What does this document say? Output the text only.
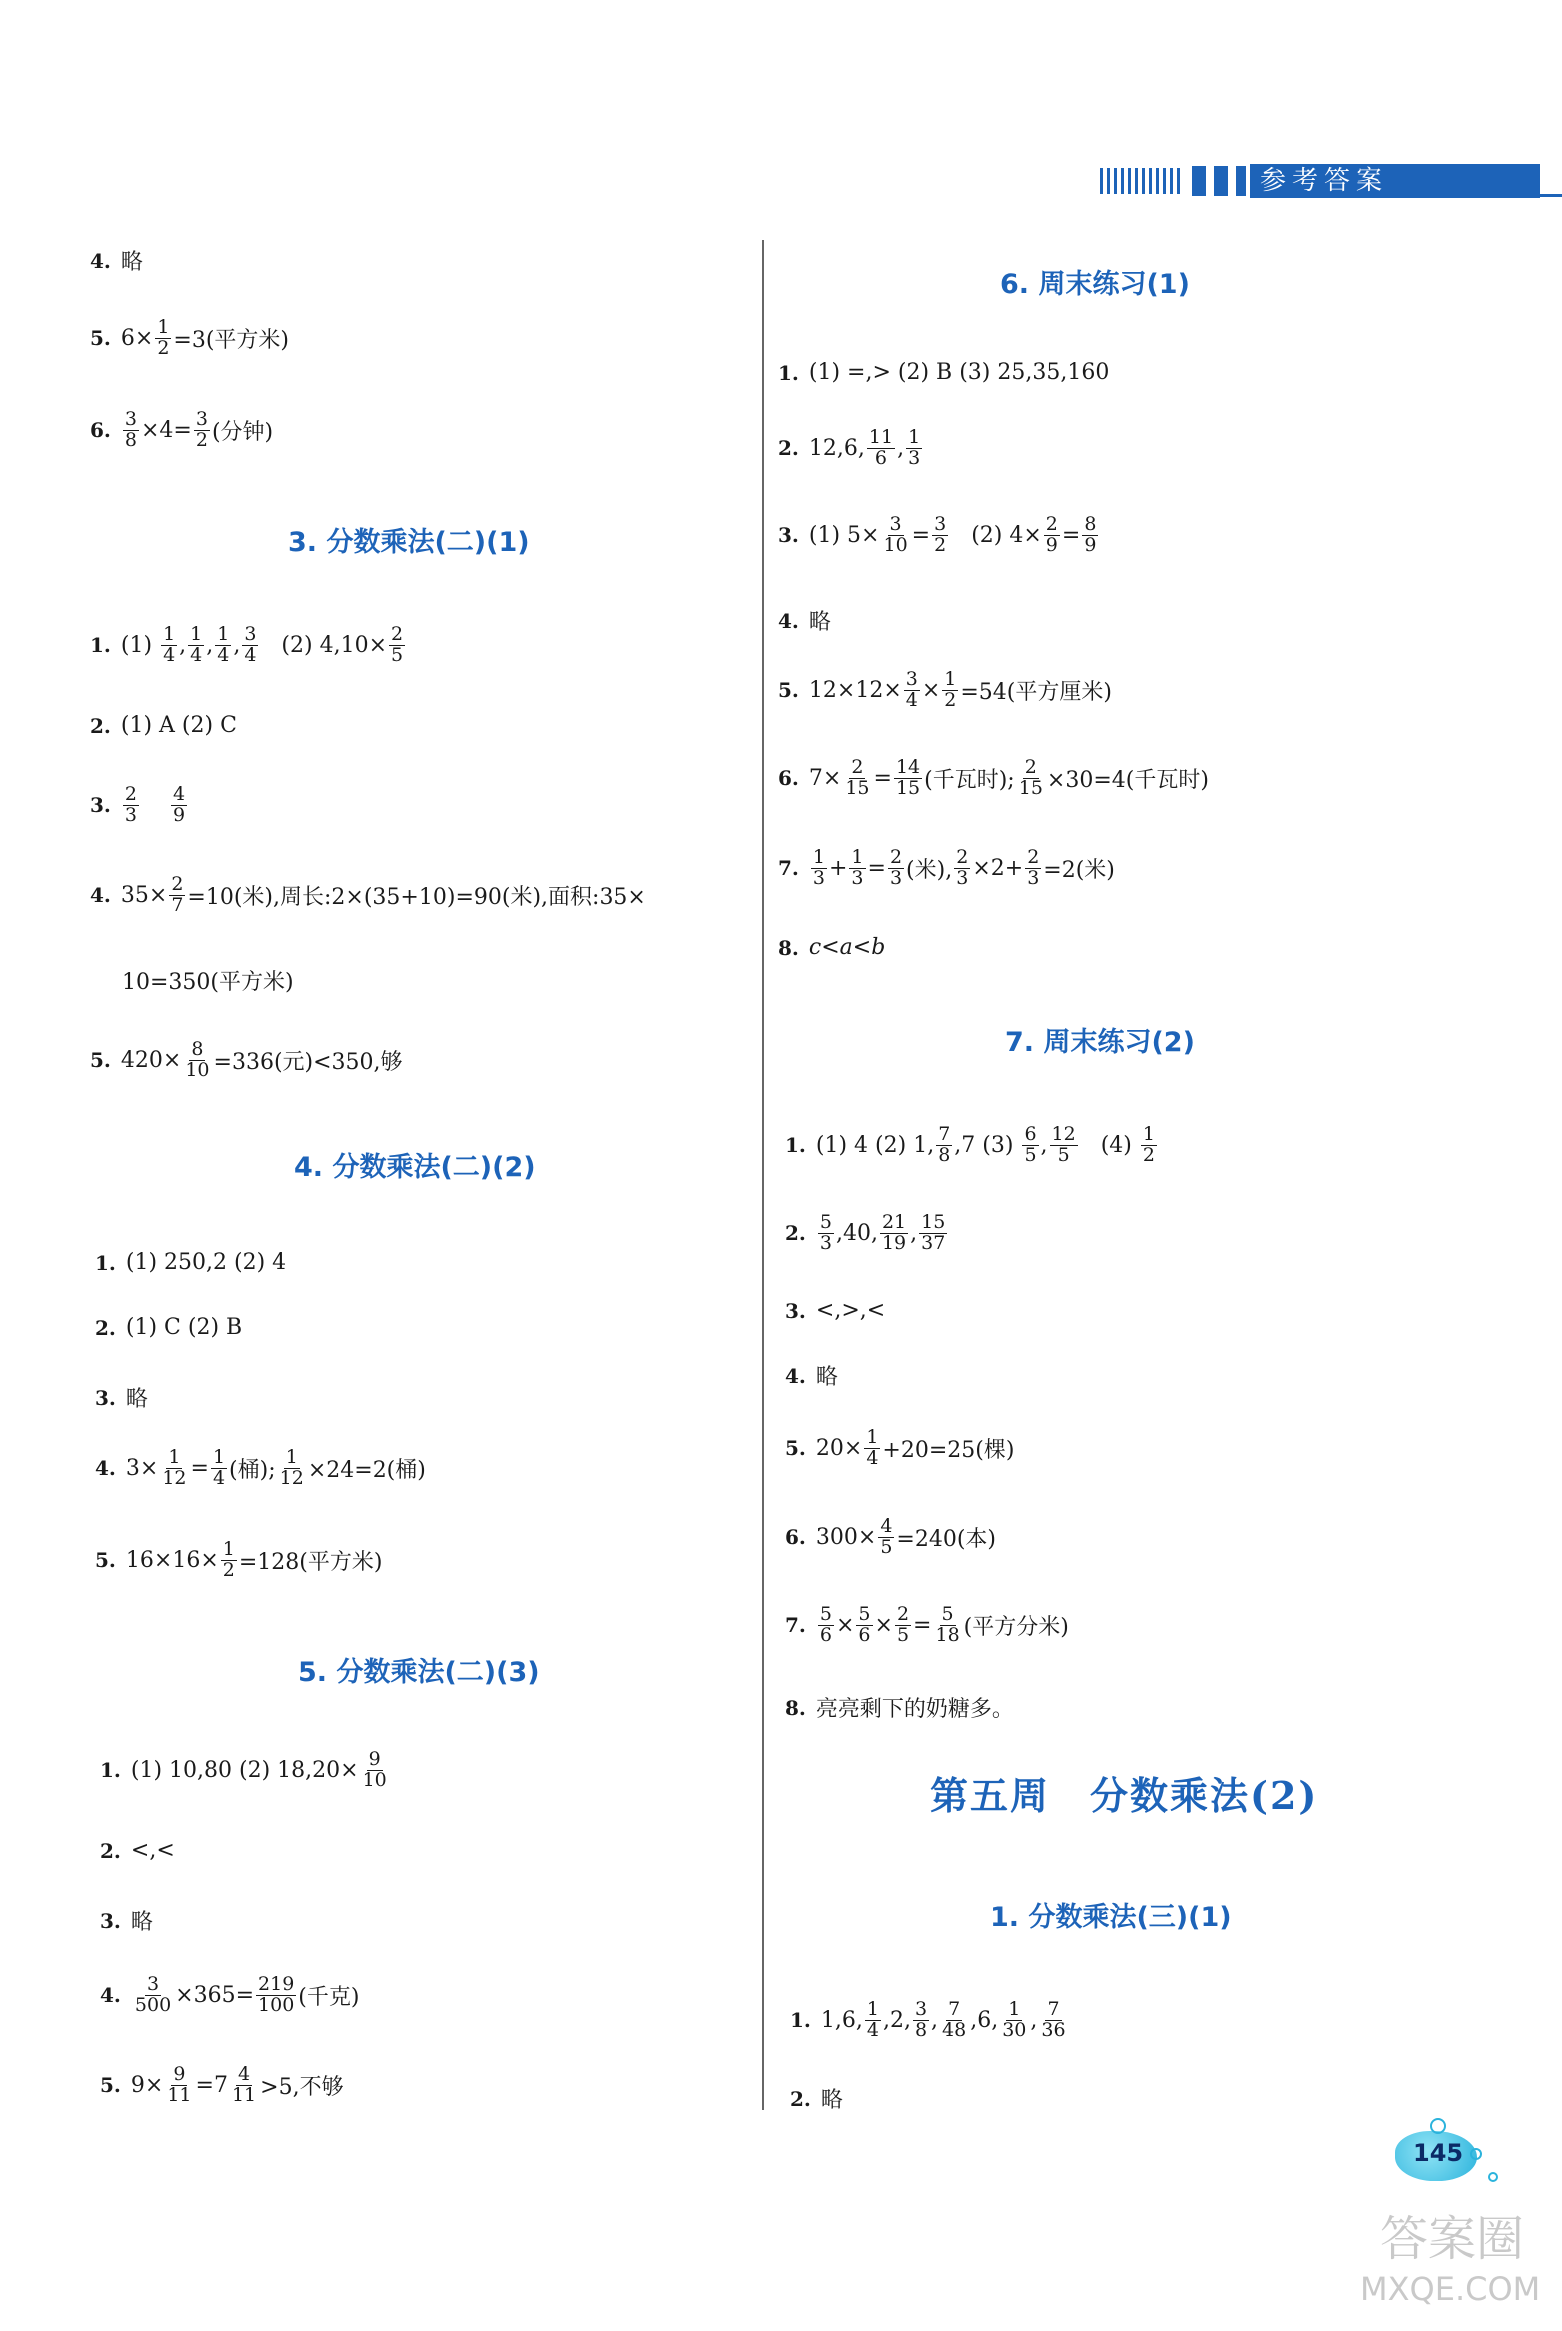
参考答案
4. 略
5. $6\times \frac{1}{2} =3$(平方米)
6. $\frac{3}{8} \times 4= \frac{3}{2}$ (分钟)
3. 分数乘法(二)(1)
1. (1)
$\frac{1}{4}$ , $\frac{1}{4}$ , $\frac{1}{4}$ , $\frac{3}{4}$
(2) $4,10\times \frac{2}{5}$
2. (1) A (2) C
3. $\frac{2}{3}$
$\frac{4}{9}$
4. $35\times \frac{2}{7} =10$(米),周长:2×(35+10)=90(米),面积:35×
10=350(平方米)
5. $420\times \frac{8}{10} =336$(元)<350,够
4. 分数乘法(二)(2)
1. (1) 250,2 (2) 4
2. (1) C (2) B
3. 略
4. $3\times \frac{1}{12} = \frac{1}{4}$ (桶); $\frac{1}{12} \times 24=2$(桶)
5. $16\times 16\times \frac{1}{2} =128$(平方米)
5. 分数乘法(二)(3)
1. (1) 10,80 (2) $18,20\times \frac{9}{10}$
2. <,<
3. 略
4. $\frac{3}{500} \times 365= \frac{219}{100}$ (千克)
5. $9\times \frac{9}{11} =7 \frac{4}{11} >5$,不够
6. 周末练习(1)
1. (1) =,> (2) B (3) 25,35,160
2. 12,6, $\frac{11}{6}$ , $\frac{1}{3}$
3. (1) $5\times \frac{3}{10} = \frac{3}{2}$
(2) $4\times \frac{2}{9} = \frac{8}{9}$
4. 略
5. $12\times 12\times \frac{3}{4} \times \frac{1}{2} =54$(平方厘米)
6. $7\times \frac{2}{15} = \frac{14}{15}$ (千瓦时); $\frac{2}{15} \times 30=4$(千瓦时)
7. $\frac{1}{3} + \frac{1}{3} = \frac{2}{3}$ (米), $\frac{2}{3} \times 2+ \frac{2}{3} =2$(米)
8. c<a<b
7. 周末练习(2)
1. (1) 4 (2) 1, $\frac{7}{8} ,7$ (3)
$\frac{6}{5}$ , $\frac{12}{5}$
(4)
$\frac{1}{2}$
2. $\frac{5}{3} ,40$, $\frac{21}{19}$ , $\frac{15}{37}$
3. <,>,<
4. 略
5. $20\times \frac{1}{4} +20=25$(棵)
6. $300\times \frac{4}{5} =240$(本)
7. $\frac{5}{6} \times \frac{5}{6} \times \frac{2}{5} = \frac{5}{18}$ (平方分米)
8. 亮亮剩下的奶糖多。
第五周　分数乘法(2)
1. 分数乘法(三)(1)
1. 1,6, $\frac{1}{4} ,2$, $\frac{3}{8}$ , $\frac{7}{48} ,6$, $\frac{1}{30}$ , $\frac{7}{36}$
2. 略
145
答案圈
MXQE.COM
